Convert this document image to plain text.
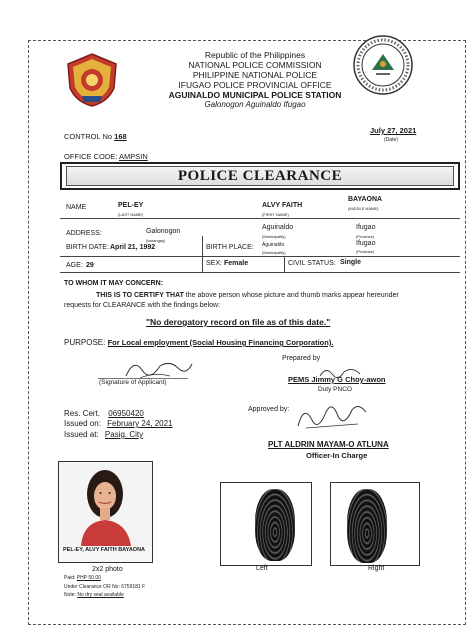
Republic of the Philippines
NATIONAL POLICE COMMISSION
PHILIPPINE NATIONAL POLICE
IFUGAO POLICE PROVINCIAL OFFICE
AGUINALDO MUNICIPAL POLICE STATION
Galonogon Aguinaldo Ifugao
CONTROL No 168
July 27, 2021
(Date)
OFFICE CODE: AMPSIN
POLICE CLEARANCE
NAME	PEL-EY
(LAST NAME)
ALVY FAITH
(FIRST NAME)
BAYAONA
(MIDDLE NAME)
ADDRESS:	Galonogon
(barangay)
Aguinaldo
(Municipality)
Ifugao
(Province)
BIRTH DATE: April 21, 1992	BIRTH PLACE: Aguinaldo
(Municipality)
Ifugao
(Province)
AGE: 29	SEX: Female	CIVIL STATUS: Single
TO WHOM IT MAY CONCERN:
THIS IS TO CERTIFY THAT the above person whose picture and thumb marks appear hereunder
requests for CLEARANCE with the findings below:
"No derogatory record on file as of this date."
PURPOSE: For Local employment (Social Housing Financing Corporation).
(Signature of Applicant)
Prepared by
PEMS Jimmy G Choy-awon
Duty PNCO
Res. Cert. 06950420
Issued on: February 24, 2021
Issued at: Pasig. City
Approved by:
PLT ALDRIN MAYAM-O ATLUNA
Officer-In Charge
PEL-EY, ALVY FAITH BAYAONA
2x2 photo
Paid: PHP 50.00
Under Clearance OR No: 6759181 F
Note: No dry seal available
Left	Right
